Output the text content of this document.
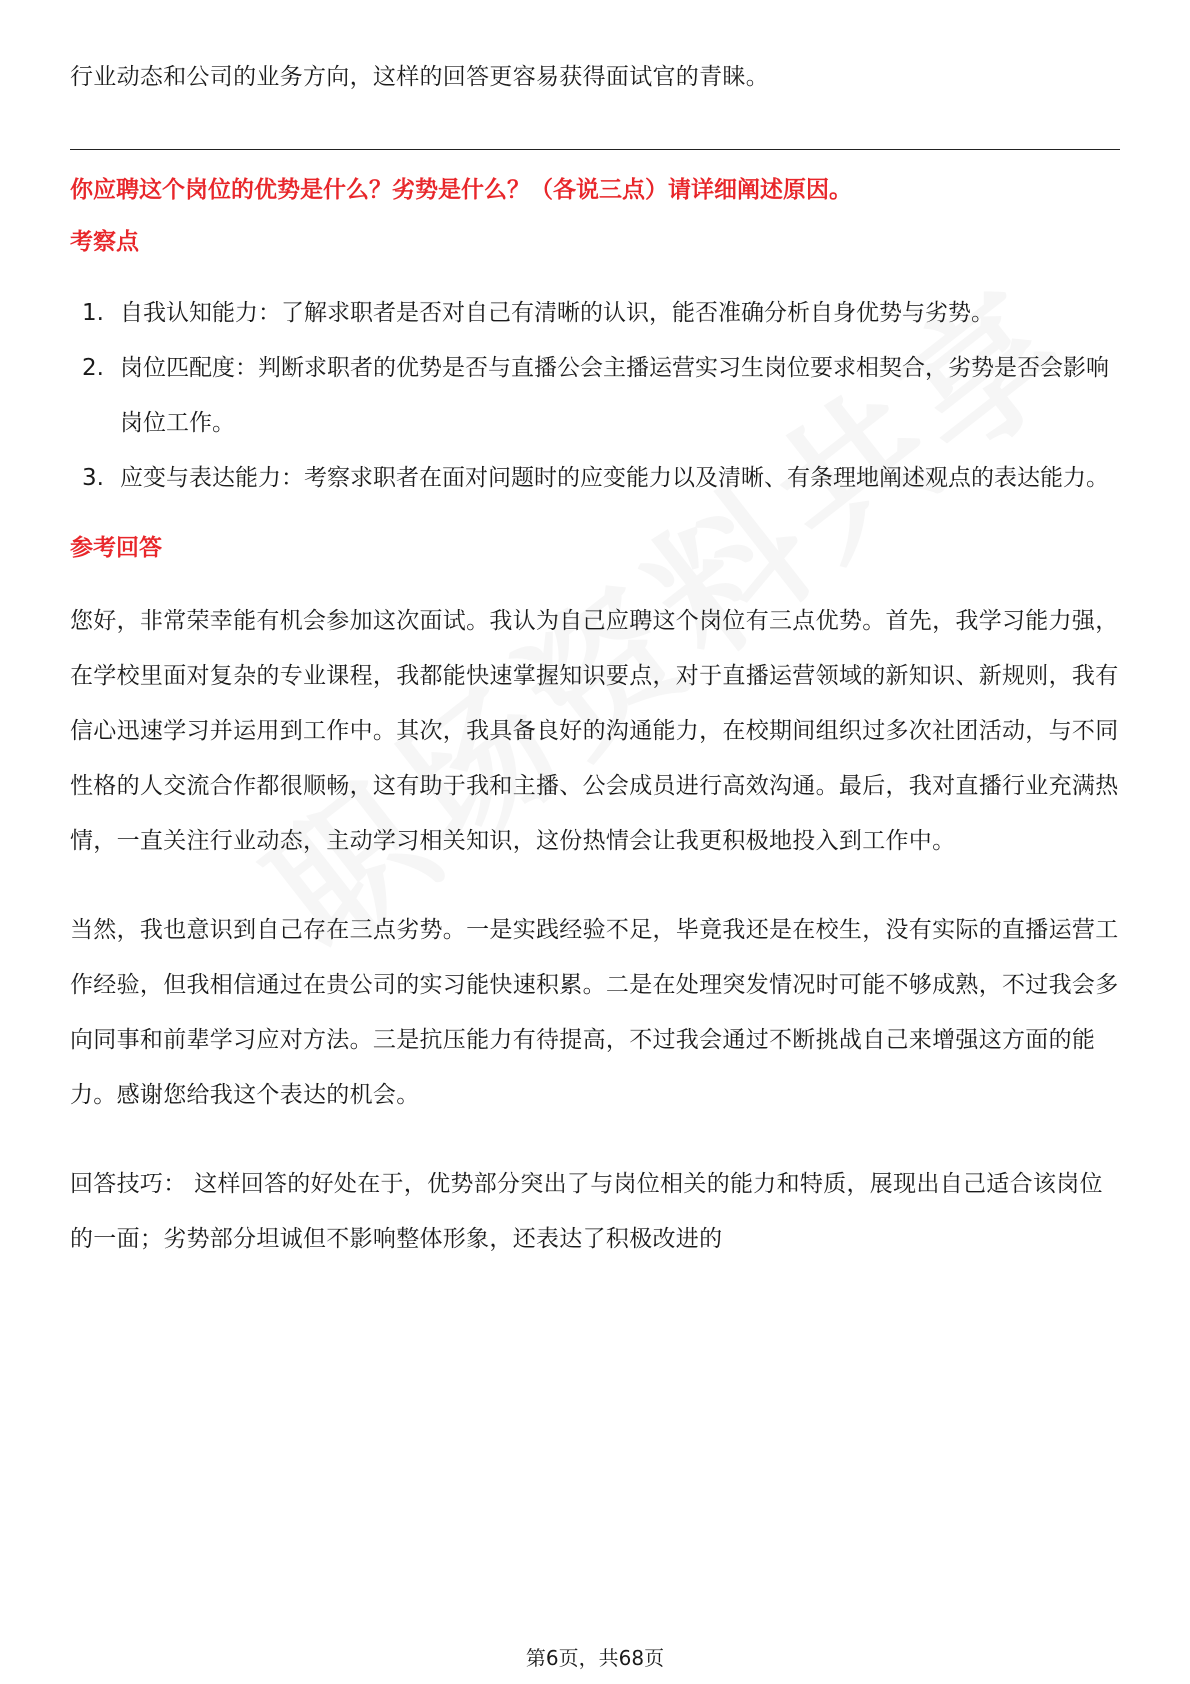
行业动态和公司的业务方向，这样的回答更容易获得面试官的青睐。

你应聘这个岗位的优势是什么？劣势是什么？（各说三点）请详细阐述原因。

考察点

1. 自我认知能力：了解求职者是否对自己有清晰的认识，能否准确分析自身优势与劣势。
2. 岗位匹配度：判断求职者的优势是否与直播公会主播运营实习生岗位要求相契合，劣势是否会影响岗位工作。
3. 应变与表达能力：考察求职者在面对问题时的应变能力以及清晰、有条理地阐述观点的表达能力。

参考回答

您好，非常荣幸能有机会参加这次面试。我认为自己应聘这个岗位有三点优势。首先，我学习能力强，在学校里面对复杂的专业课程，我都能快速掌握知识要点，对于直播运营领域的新知识、新规则，我有信心迅速学习并运用到工作中。其次，我具备良好的沟通能力，在校期间组织过多次社团活动，与不同性格的人交流合作都很顺畅，这有助于我和主播、公会成员进行高效沟通。最后，我对直播行业充满热情，一直关注行业动态，主动学习相关知识，这份热情会让我更积极地投入到工作中。

当然，我也意识到自己存在三点劣势。一是实践经验不足，毕竟我还是在校生，没有实际的直播运营工作经验，但我相信通过在贵公司的实习能快速积累。二是在处理突发情况时可能不够成熟，不过我会多向同事和前辈学习应对方法。三是抗压能力有待提高，不过我会通过不断挑战自己来增强这方面的能力。感谢您给我这个表达的机会。

回答技巧： 这样回答的好处在于，优势部分突出了与岗位相关的能力和特质，展现出自己适合该岗位的一面；劣势部分坦诚但不影响整体形象，还表达了积极改进的

第6页，共68页
